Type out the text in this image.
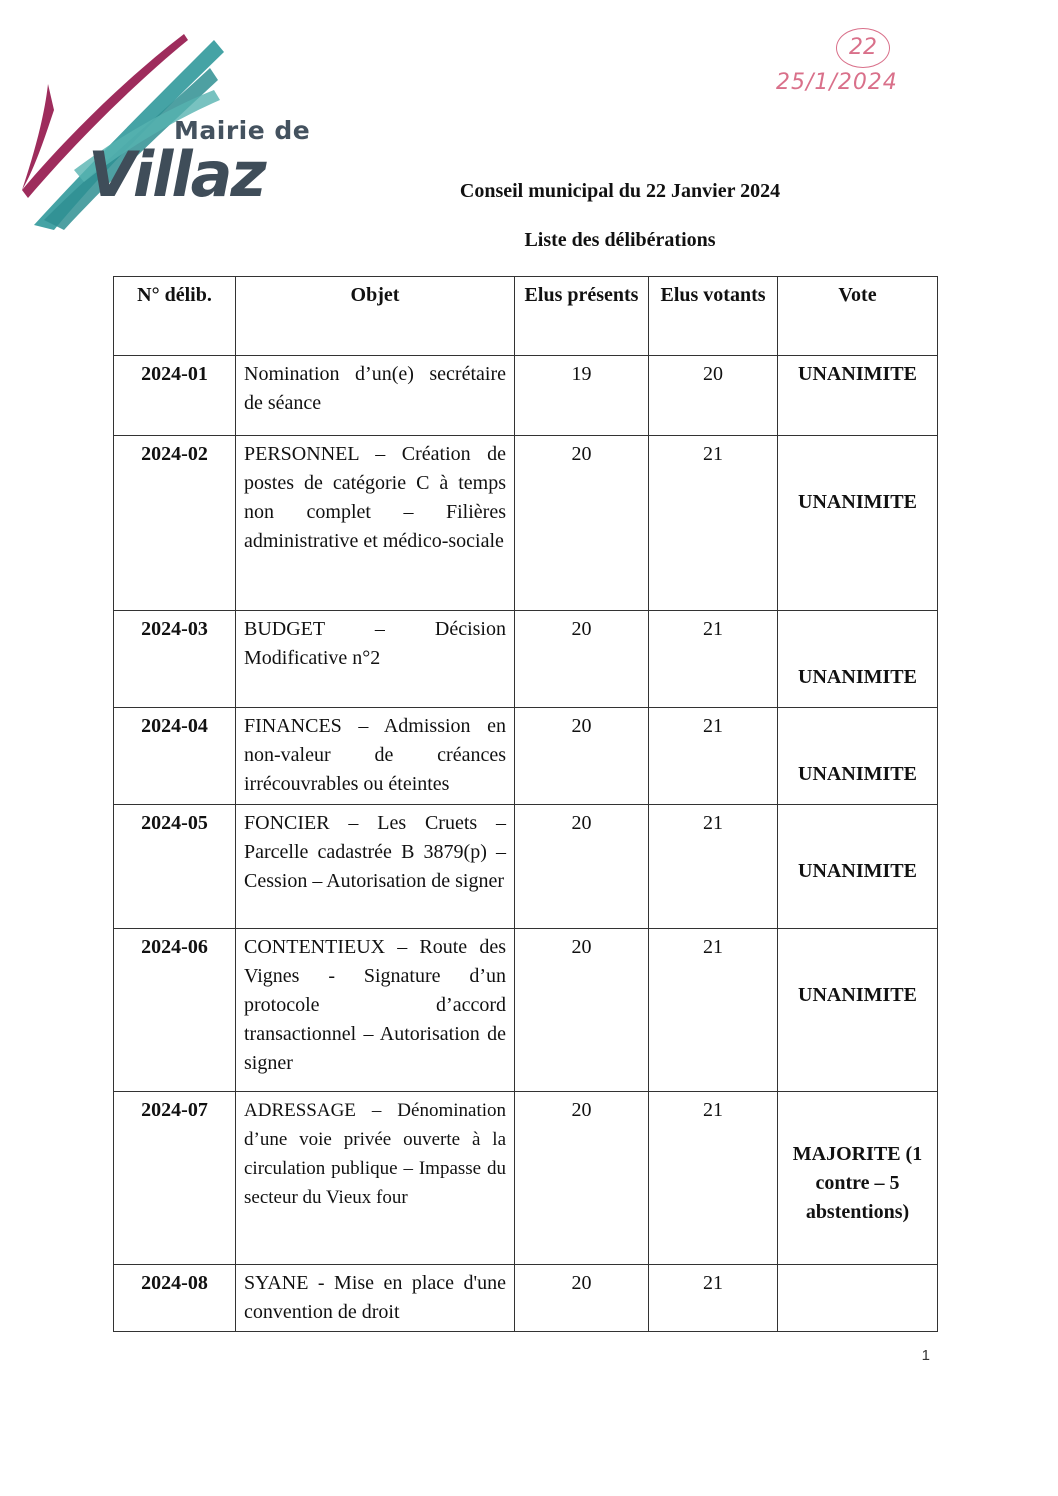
Mairie de
Villaz
22
25/1/2024
Conseil municipal du 22 Janvier 2024
Liste des délibérations
N° délib.	Objet	Elus présents	Elus votants	Vote
2024-01	Nomination d’un(e) secrétaire de séance	19	20	UNANIMITE

2024-02	PERSONNEL – Création de postes de catégorie C à temps non complet – Filières administrative et médico-sociale	20	21	UNANIMITE

2024-03	BUDGET – Décision Modificative n°2	20	21	UNANIMITE

2024-04	FINANCES – Admission en non-valeur de créances irrécouvrables ou éteintes	20	21	UNANIMITE

2024-05	FONCIER – Les Cruets – Parcelle cadastrée B 3879(p) – Cession – Autorisation de signer	20	21	UNANIMITE

2024-06	CONTENTIEUX – Route des Vignes - Signature d’un protocole d’accord transactionnel – Autorisation de signer	20	21	UNANIMITE

2024-07	ADRESSAGE – Dénomination d’une voie privée ouverte à la circulation publique – Impasse du secteur du Vieux four	20	21	MAJORITE (1 contre – 5 abstentions)

2024-08	SYANE - Mise en place d'une convention de droit	20	21	
1
